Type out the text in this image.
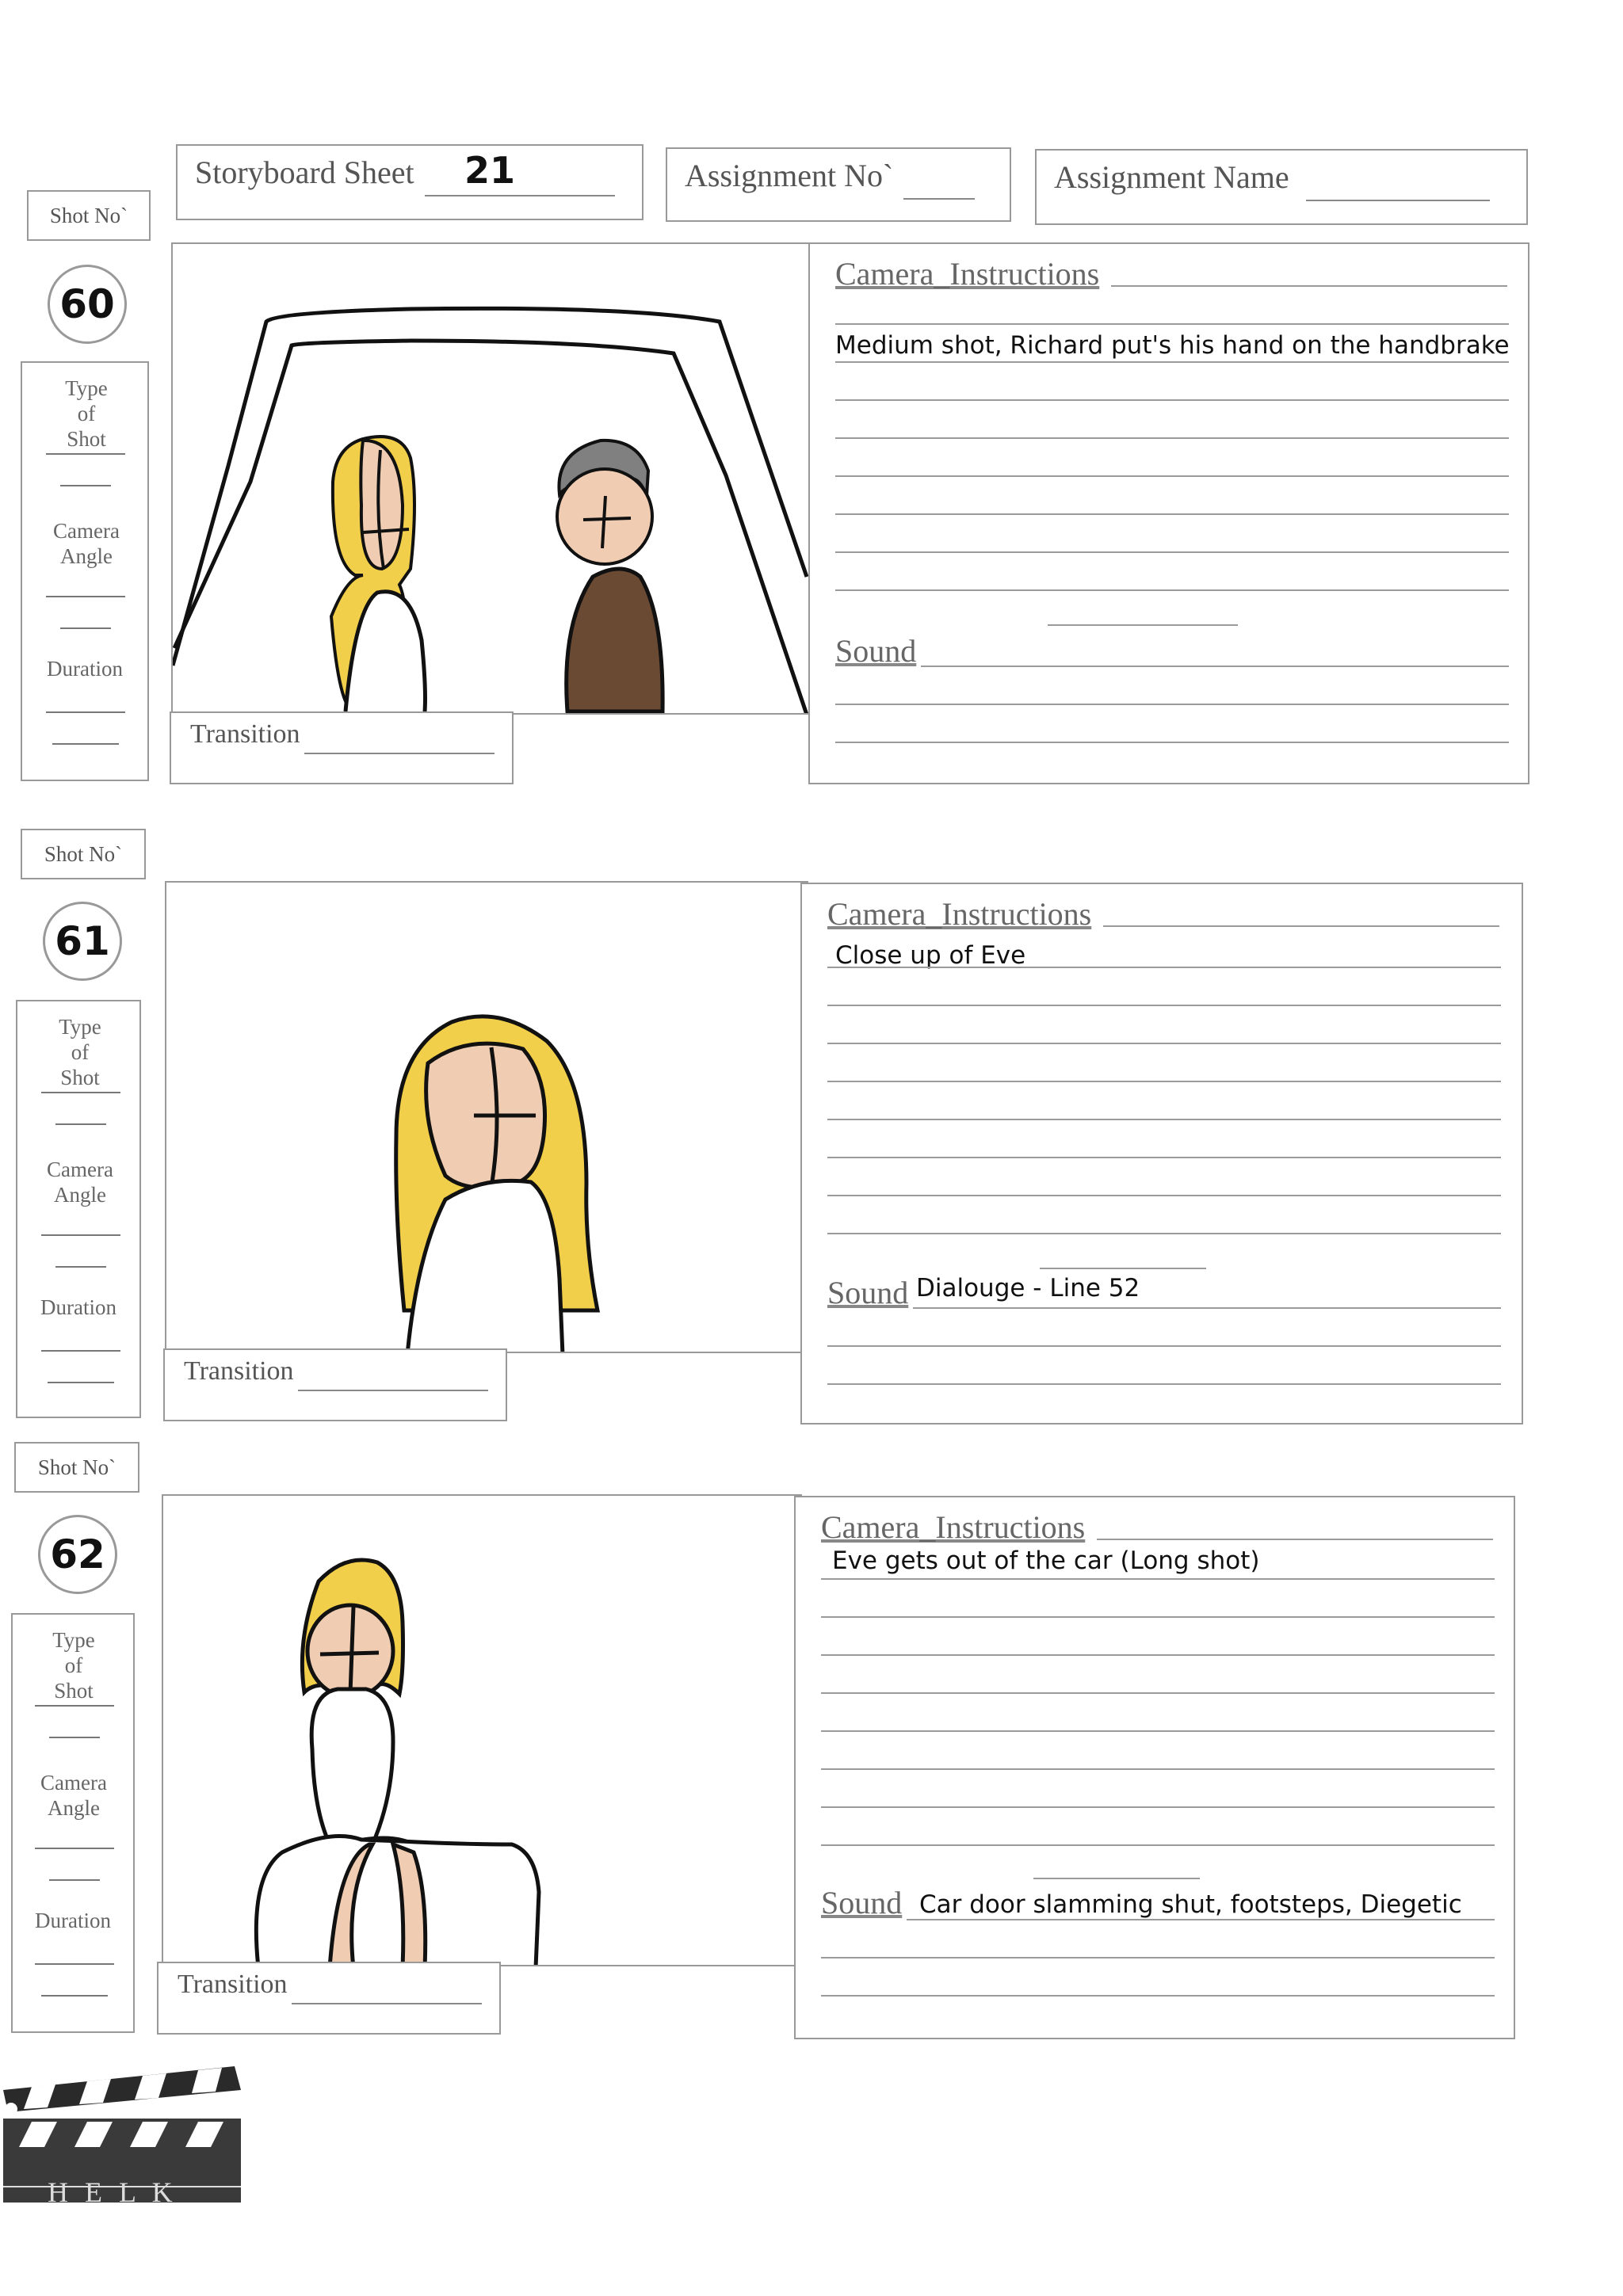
Storyboard Sheet 21	Assignment No`	Assignment Name
Shot No`
60
Type of Shot
Camera Angle
Duration
Transition
Camera_Instructions
Medium shot, Richard put's his hand on the handbrake
Sound
Shot No`
61
Type of Shot
Camera Angle
Duration
Transition
Camera_Instructions
Close up of Eve
Sound Dialouge - Line 52
Shot No`
62
Type of Shot
Camera Angle
Duration
Transition
Camera_Instructions
Eve gets out of the car (Long shot)
Sound Car door slamming shut, footsteps, Diegetic
H E L K
